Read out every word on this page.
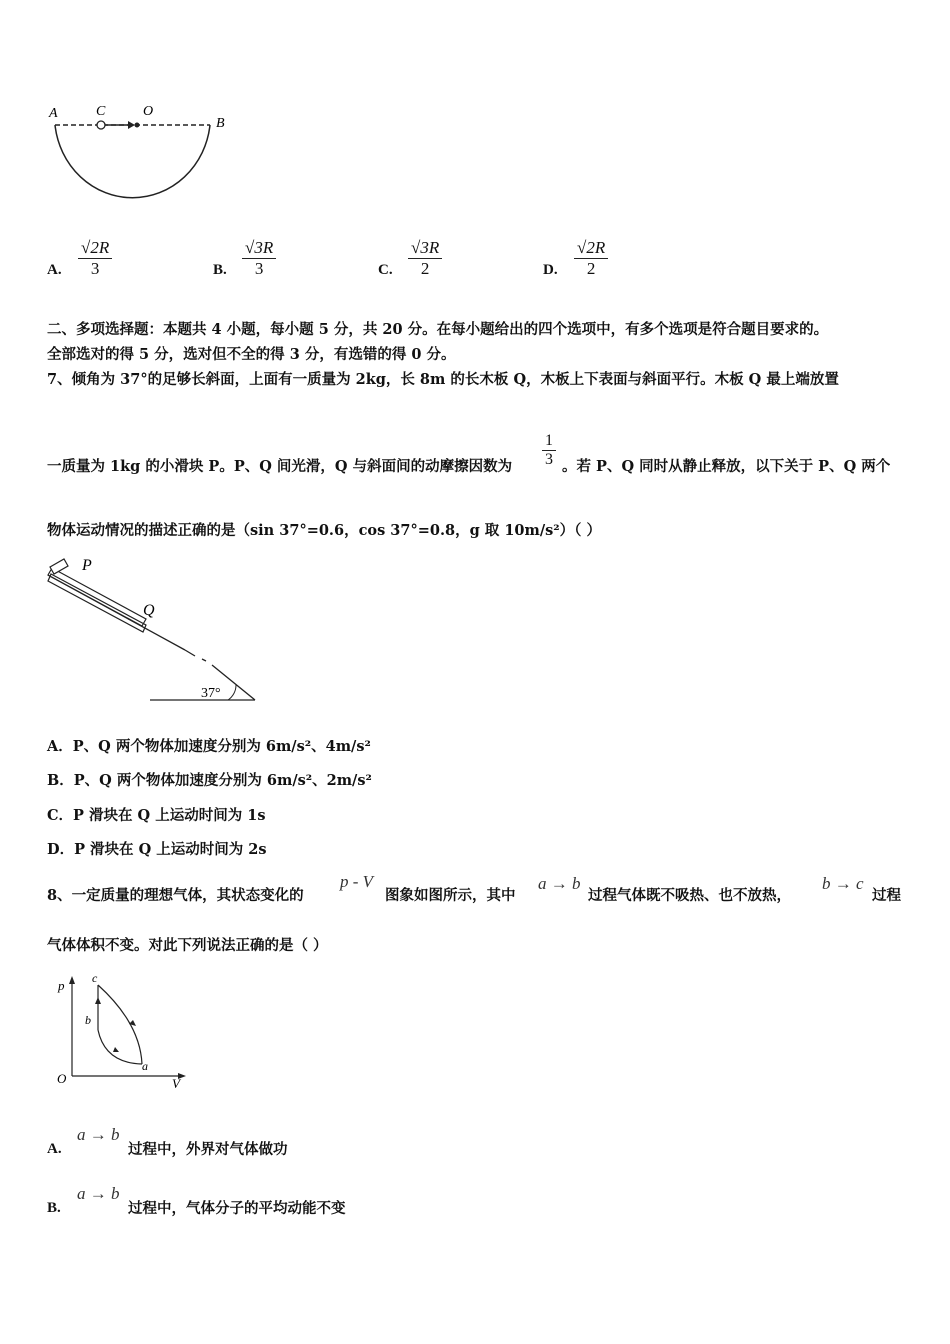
A	C	O
B
A.
√2R
3	B.
√3R
3	C.
√3R
2	D.
√2R
2
二、多项选择题：本题共 4 小题，每小题 5 分，共 20 分。在每小题给出的四个选项中，有多个选项是符合题目要求的。
全部选对的得 5 分，选对但不全的得 3 分，有选错的得 0 分。
7、倾角为 37°的足够长斜面，上面有一质量为 2kg，长 8m 的长木板 Q，木板上下表面与斜面平行。木板 Q 最上端放置
一质量为 1kg 的小滑块 P。P、Q 间光滑，Q 与斜面间的动摩擦因数为
1
3 。若 P、Q 同时从静止释放，以下关于 P、Q 两个
物体运动情况的描述正确的是（sin 37°=0.6，cos 37°=0.8，g 取 10m/s²）（ ）
P
Q
37°
A．P、Q 两个物体加速度分别为 6m/s²、4m/s²
B．P、Q 两个物体加速度分别为 6m/s²、2m/s²
C．P 滑块在 Q 上运动时间为 1s
D．P 滑块在 Q 上运动时间为 2s
8、一定质量的理想气体，其状态变化的
p - V
图象如图所示，其中
a → b
过程气体既不吸热、也不放热，
b → c
过程
气体体积不变。对此下列说法正确的是（ ）
p
V
O
c
b
a
A.
a → b
过程中，外界对气体做功
B.
a → b
过程中，气体分子的平均动能不变
